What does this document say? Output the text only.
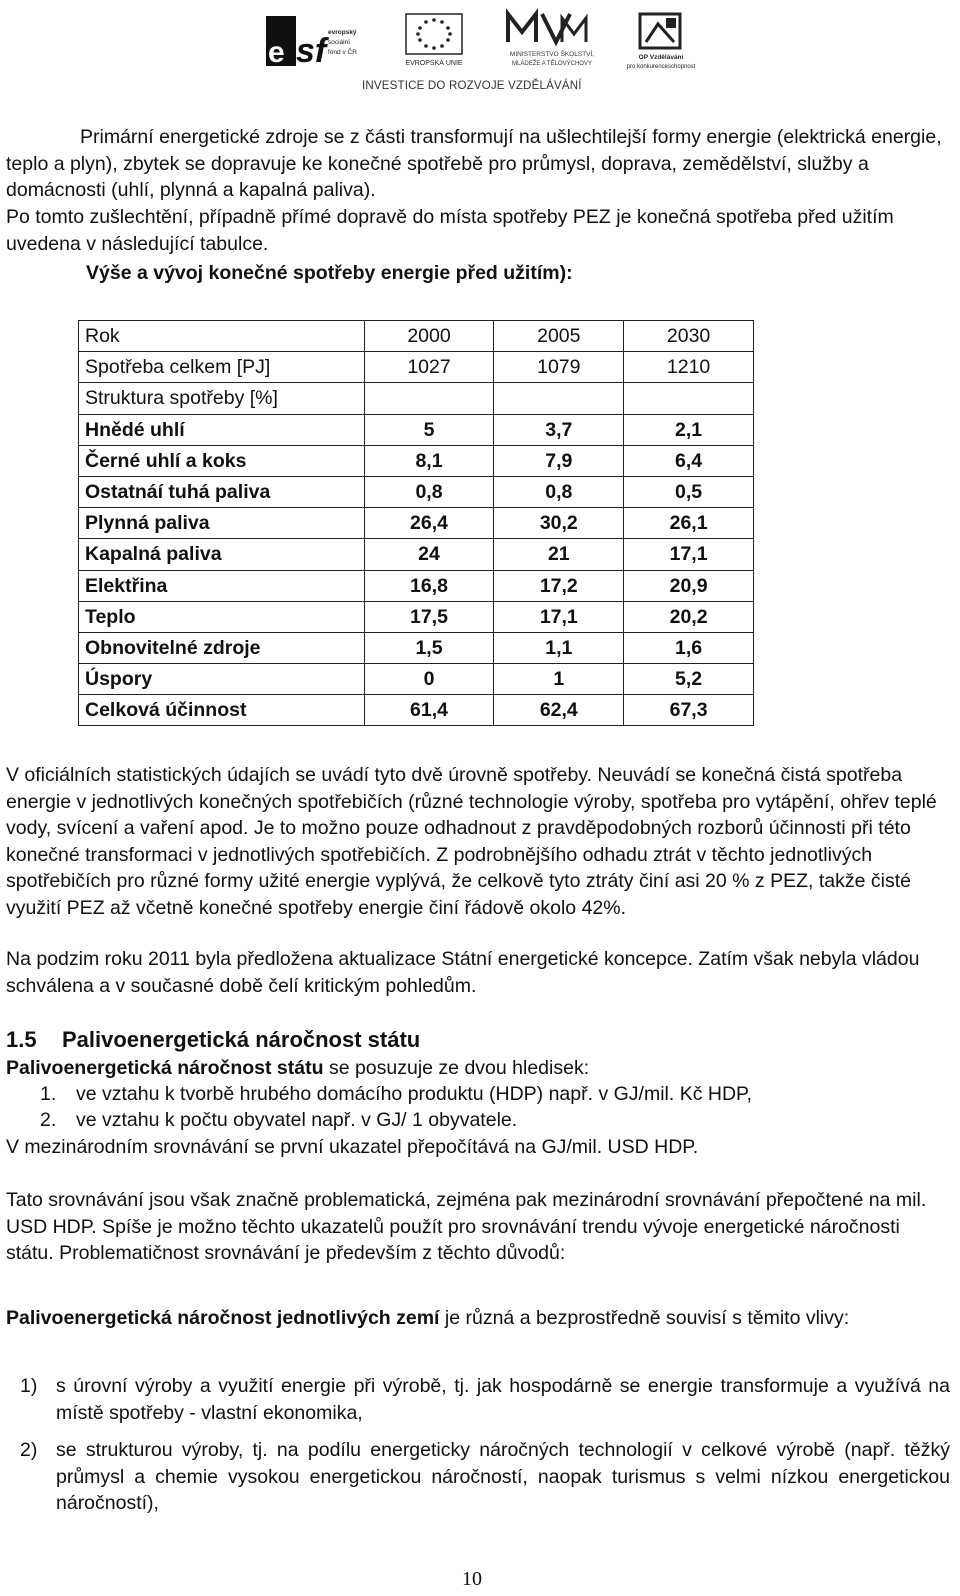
e sf evropský
sociální
fond v ČR
EVROPSKÁ UNIE
MINISTERSTVO ŠKOLSTVÍ,
MLÁDEŽE A TĚLOVÝCHOVY
OP Vzdělávání
pro konkurenceschopnost
INVESTICE DO ROZVOJE VZDĚLÁVÁNÍ

Primární energetické zdroje se z části transformují na ušlechtilejší formy energie (elektrická energie, teplo a plyn), zbytek se dopravuje ke konečné spotřebě pro průmysl, doprava, zemědělství, služby a domácnosti (uhlí, plynná a kapalná paliva).

Po tomto zušlechtění, případně přímé dopravě do místa spotřeby PEZ je konečná spotřeba před užitím uvedena v následující tabulce.

Výše a vývoj konečné spotřeby energie před užitím):
Rok	2000	2005	2030
Spotřeba celkem [PJ]	1027	1079	1210
Struktura spotřeby [%]			
Hnědé uhlí	5	3,7	2,1
Černé uhlí a koks	8,1	7,9	6,4
Ostatnáí tuhá paliva	0,8	0,8	0,5
Plynná paliva	26,4	30,2	26,1
Kapalná paliva	24	21	17,1
Elektřina	16,8	17,2	20,9
Teplo	17,5	17,1	20,2
Obnovitelné zdroje	1,5	1,1	1,6
Úspory	0	1	5,2
Celková účinnost	61,4	62,4	67,3

V oficiálních statistických údajích se uvádí tyto dvě úrovně spotřeby. Neuvádí se konečná čistá spotřeba energie v jednotlivých konečných spotřebičích (různé technologie výroby, spotřeba pro vytápění, ohřev teplé vody, svícení a vaření apod. Je to možno pouze odhadnout z pravděpodobných rozborů účinnosti při této konečné transformaci v jednotlivých spotřebičích. Z podrobnějšího odhadu ztrát v těchto jednotlivých spotřebičích pro různé formy užité energie vyplývá, že celkově tyto ztráty činí asi 20 % z PEZ, takže čisté využití PEZ až včetně konečné spotřeby energie činí řádově okolo 42%.

Na podzim roku 2011 byla předložena aktualizace Státní energetické koncepce. Zatím však nebyla vládou schválena a v současné době čelí kritickým pohledům.

1.5 Palivoenergetická náročnost státu

Palivoenergetická náročnost státu se posuzuje ze dvou hledisek:

1. ve vztahu k tvorbě hrubého domácího produktu (HDP) např. v GJ/mil. Kč HDP,
2. ve vztahu k počtu obyvatel např. v GJ/ 1 obyvatele.

V mezinárodním srovnávání se první ukazatel přepočítává na GJ/mil. USD HDP.

Tato srovnávání jsou však značně problematická, zejména pak mezinárodní srovnávání přepočtené na mil. USD HDP. Spíše je možno těchto ukazatelů použít pro srovnávání trendu vývoje energetické náročnosti státu. Problematičnost srovnávání je především z těchto důvodů:

Palivoenergetická náročnost jednotlivých zemí je různá a bezprostředně souvisí s těmito vlivy:

1) s úrovní výroby a využití energie při výrobě, tj. jak hospodárně se energie transformuje a využívá na místě spotřeby - vlastní ekonomika,
2) se strukturou výroby, tj. na podílu energeticky náročných technologií v celkové výrobě (např. těžký průmysl a chemie vysokou energetickou náročností, naopak turismus s velmi nízkou energetickou náročností),
10
